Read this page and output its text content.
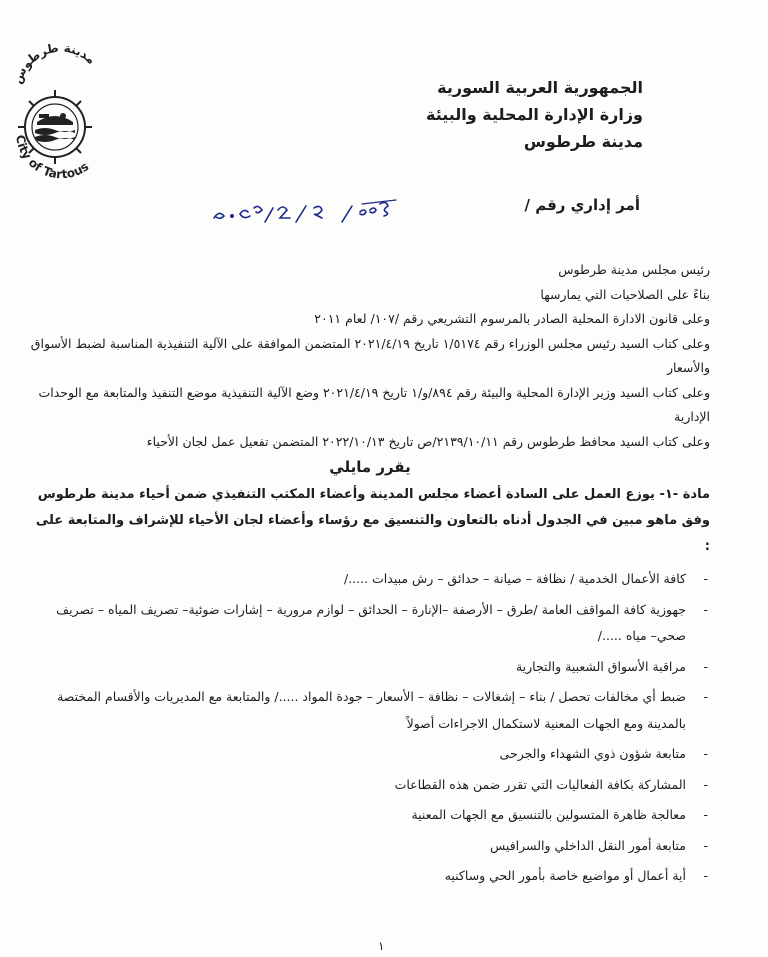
مدينة طرطوس
City of Tartous
الجمهورية العربية السورية
وزارة الإدارة المحلية والبيئة
مدينة طرطوس
أمر إداري رقم /

رئيس مجلس مدينة طرطوس

بناءً على الصلاحيات التي يمارسها

وعلى قانون الادارة المحلية الصادر بالمرسوم التشريعي رقم /١٠٧/ لعام ٢٠١١

وعلى كتاب السيد رئيس مجلس الوزراء رقم ١/٥١٧٤ تاريخ ٢٠٢١/٤/١٩ المتضمن الموافقة على الآلية التنفيذية المناسبة لضبط الأسواق والأسعار

وعلى كتاب السيد وزير الإدارة المحلية والبيئة رقم ٨٩٤/و/١ تاريخ ٢٠٢١/٤/١٩ وضع الآلية التنفيذية موضع التنفيذ والمتابعة مع الوحدات الإدارية

وعلى كتاب السيد محافظ طرطوس رقم ٢١٣٩/١٠/١١/ص تاريخ ٢٠٢٢/١٠/١٣ المتضمن تفعيل عمل لجان الأحياء

يقرر مايلي
مادة -١- يوزع العمل على السادة أعضاء مجلس المدينة وأعضاء المكتب التنفيذي ضمن أحياء مدينة طرطوس وفق ماهو مبين في الجدول أدناه بالتعاون والتنسيق مع رؤساء وأعضاء لجان الأحياء للإشراف والمتابعة على :
-
كافة الأعمال الخدمية / نظافة – صيانة – حدائق – رش مبيدات ...../
-
جهوزية كافة المواقف العامة /طرق – الأرصفة –الإنارة – الحدائق – لوازم مرورية – إشارات ضوئية– تصريف المياه – تصريف صحي– مياه ...../
-
مراقبة الأسواق الشعبية والتجارية
-
ضبط أي مخالفات تحصل / بناء – إشغالات – نظافة – الأسعار – جودة المواد ...../ والمتابعة مع المديريات والأقسام المختصة بالمدينة ومع الجهات المعنية لاستكمال الاجراءات أصولاً
-
متابعة شؤون ذوي الشهداء والجرحى
-
المشاركة بكافة الفعاليات التي تقرر ضمن هذه القطاعات
-
معالجة ظاهرة المتسولين بالتنسيق مع الجهات المعنية
-
متابعة أمور النقل الداخلي والسرافيس
-
أية أعمال أو مواضيع خاصة بأمور الحي وساكنيه
١
